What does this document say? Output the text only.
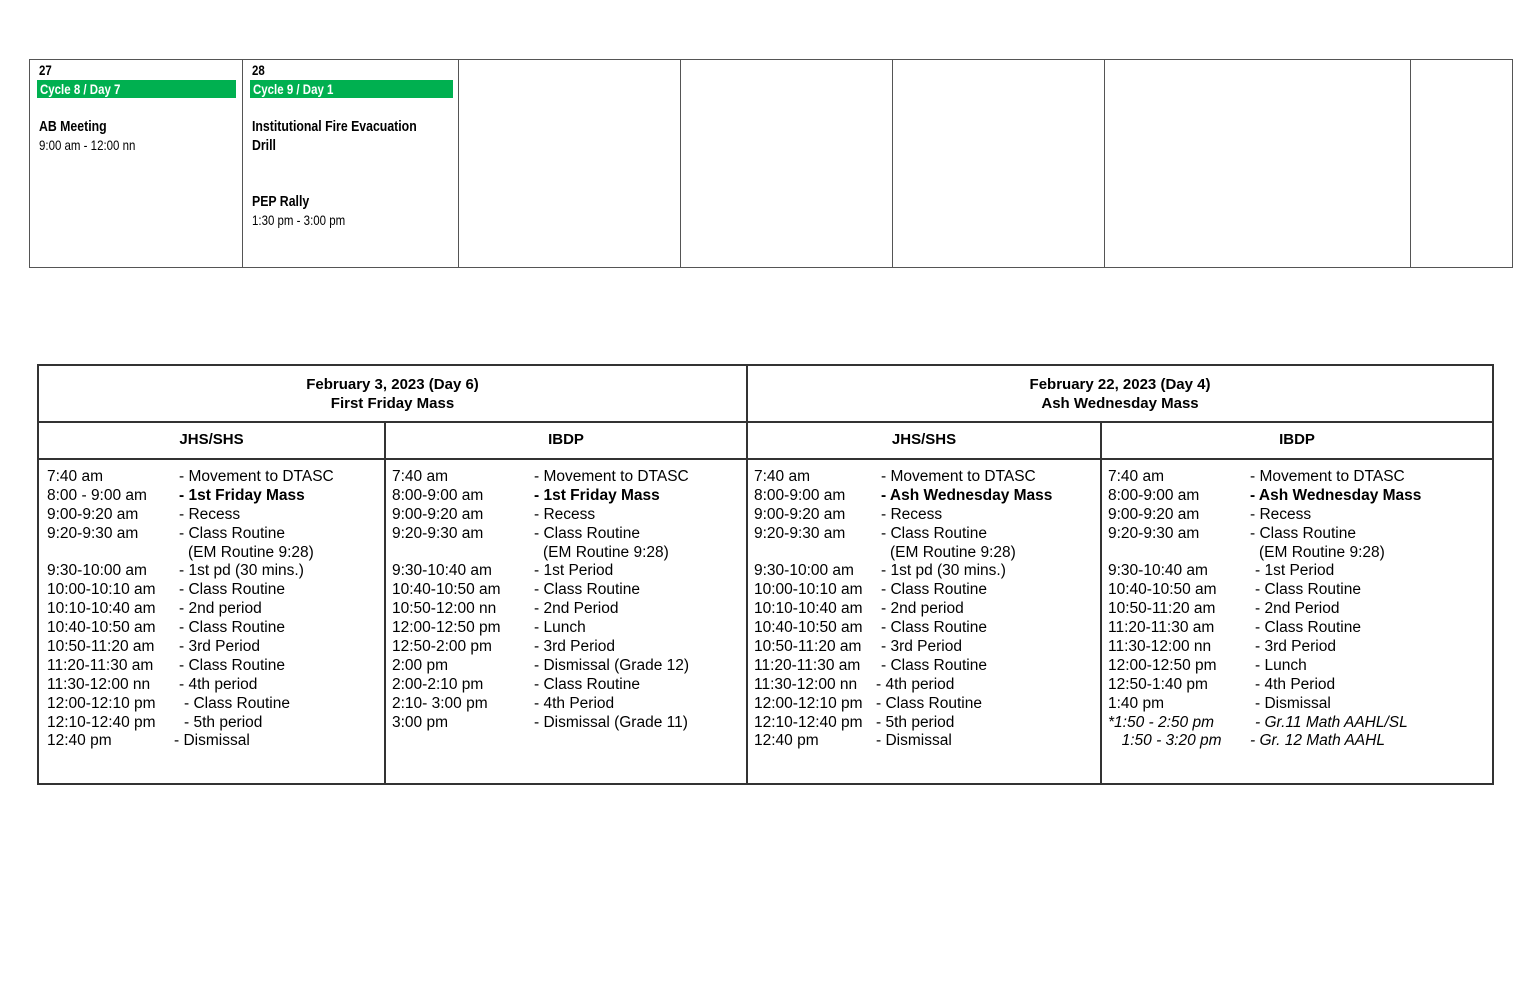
27
Cycle 8 / Day 7
AB Meeting
9:00 am - 12:00 nn
28
Cycle 9 / Day 1
Institutional Fire Evacuation
Drill
PEP Rally
1:30 pm - 3:00 pm
February 3, 2023 (Day 6)
First Friday Mass
February 22, 2023 (Day 4)
Ash Wednesday Mass
JHS/SHS	IBDP	JHS/SHS	IBDP
7:40 am	- Movement to DTASC
8:00 - 9:00 am - 1st Friday Mass
9:00-9:20 am	- Recess
9:20-9:30 am	- Class Routine
(EM Routine 9:28)
9:30-10:00 am - 1st pd (30 mins.)
10:00-10:10 am - Class Routine
10:10-10:40 am - 2nd period
10:40-10:50 am - Class Routine
10:50-11:20 am - 3rd Period
11:20-11:30 am - Class Routine
11:30-12:00 nn - 4th period
12:00-12:10 pm - Class Routine
12:10-12:40 pm - 5th period
12:40 pm	- Dismissal
7:40 am	- Movement to DTASC
8:00-9:00 am	- 1st Friday Mass
9:00-9:20 am	- Recess
9:20-9:30 am	- Class Routine
(EM Routine 9:28)
9:30-10:40 am	- 1st Period
10:40-10:50 am - Class Routine
10:50-12:00 nn - 2nd Period
12:00-12:50 pm - Lunch
12:50-2:00 pm	- 3rd Period
2:00 pm	- Dismissal (Grade 12)
2:00-2:10 pm	- Class Routine
2:10- 3:00 pm	- 4th Period
3:00 pm	- Dismissal (Grade 11)
7:40 am	- Movement to DTASC
8:00-9:00 am - Ash Wednesday Mass
9:00-9:20 am - Recess
9:20-9:30 am - Class Routine
(EM Routine 9:28)
9:30-10:00 am - 1st pd (30 mins.)
10:00-10:10 am - Class Routine
10:10-10:40 am - 2nd period
10:40-10:50 am - Class Routine
10:50-11:20 am - 3rd Period
11:20-11:30 am - Class Routine
11:30-12:00 nn - 4th period
12:00-12:10 pm - Class Routine
12:10-12:40 pm - 5th period
12:40 pm	- Dismissal
7:40 am	- Movement to DTASC
8:00-9:00 am	- Ash Wednesday Mass
9:00-9:20 am	- Recess
9:20-9:30 am	- Class Routine
(EM Routine 9:28)
9:30-10:40 am	- 1st Period
10:40-10:50 am - Class Routine
10:50-11:20 am	- 2nd Period
11:20-11:30 am	- Class Routine
11:30-12:00 nn	- 3rd Period
12:00-12:50 pm - Lunch
12:50-1:40 pm	- 4th Period
1:40 pm	- Dismissal
*1:50 - 2:50 pm	- Gr.11 Math AAHL/SL
1:50 - 3:20 pm - Gr. 12 Math AAHL
